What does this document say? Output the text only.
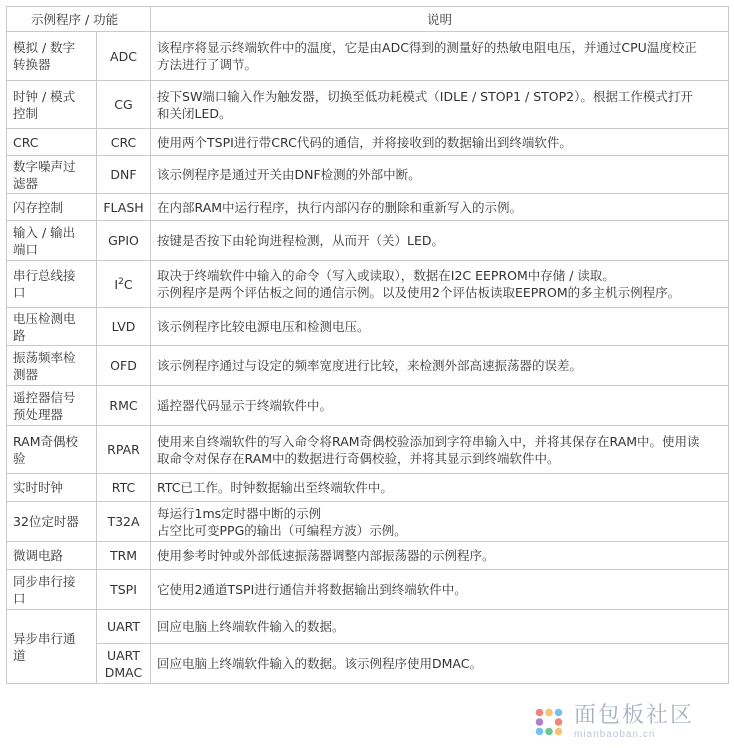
示例程序 / 功能		说明
模拟 / 数字
转换器	ADC	该程序将显示终端软件中的温度，它是由ADC得到的测量好的热敏电阻电压，并通过CPU温度校正
方法进行了调节。

时钟 / 模式
控制	CG	按下SW端口输入作为触发器，切换至低功耗模式（IDLE / STOP1 / STOP2）。根据工作模式打开
和关闭LED。

CRC	CRC	使用两个TSPI进行带CRC代码的通信，并将接收到的数据输出到终端软件。

数字噪声过
滤器	DNF	该示例程序是通过开关由DNF检测的外部中断。

闪存控制	FLASH	在内部RAM中运行程序，执行内部闪存的删除和重新写入的示例。

输入 / 输出
端口	GPIO	按键是否按下由轮询进程检测，从而开（关）LED。

串行总线接
口	$I^2C$	取决于终端软件中输入的命令（写入或读取），数据在I2C EEPROM中存储 / 读取。
示例程序是两个评估板之间的通信示例。以及使用2个评估板读取EEPROM的多主机示例程序。

电压检测电
路	LVD	该示例程序比较电源电压和检测电压。

振荡频率检
测器	OFD	该示例程序通过与设定的频率宽度进行比较，来检测外部高速振荡器的误差。

遥控器信号
预处理器	RMC	遥控器代码显示于终端软件中。

RAM奇偶校
验	RPAR	使用来自终端软件的写入命令将RAM奇偶校验添加到字符串输入中，并将其保存在RAM中。使用读
取命令对保存在RAM中的数据进行奇偶校验，并将其显示到终端软件中。

实时时钟	RTC	RTC已工作。时钟数据输出至终端软件中。

32位定时器	T32A	每运行1ms定时器中断的示例
占空比可变PPG的输出（可编程方波）示例。

微调电路	TRM	使用参考时钟或外部低速振荡器调整内部振荡器的示例程序。

同步串行接
口	TSPI	它使用2通道TSPI进行通信并将数据输出到终端软件中。

异步串行通
道	UART	回应电脑上终端软件输入的数据。

	UART
DMAC	回应电脑上终端软件输入的数据。该示例程序使用DMAC。
面包板社区
mianbaoban.cn
